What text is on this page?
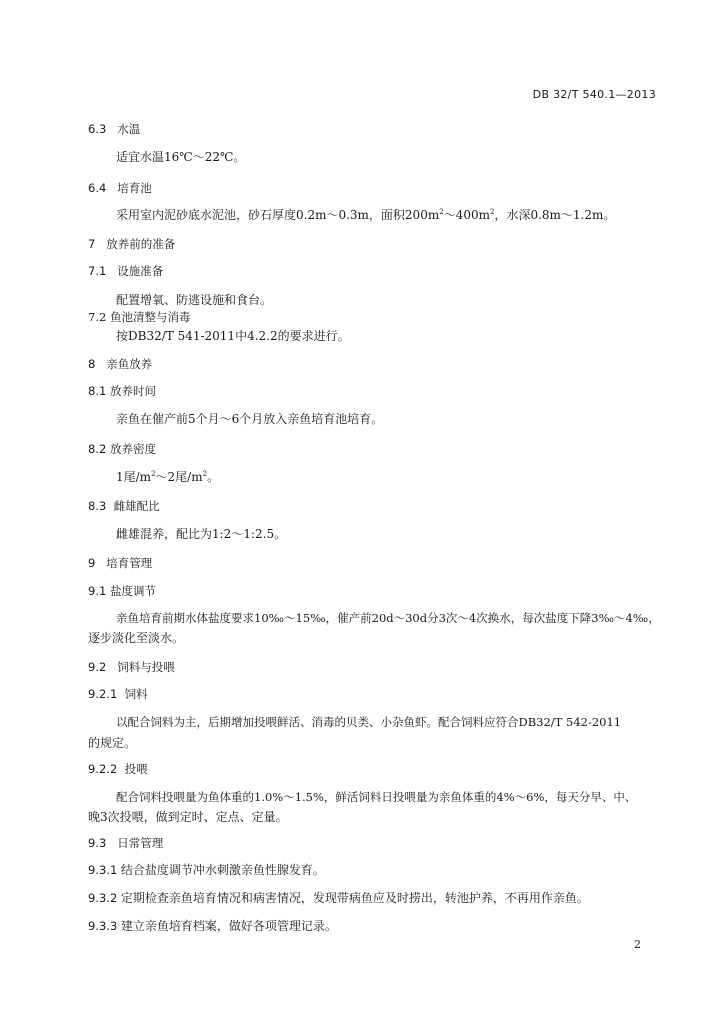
DB 32/T 540.1—2013
6.3 水温
适宜水温16℃～22℃。
6.4 培育池
采用室内泥砂底水泥池，砂石厚度0.2m～0.3m，面积$200m^2\sim 400m^2$，水深0.8m～1.2m。
7 放养前的准备
7.1 设施准备
配置增氧、防逃设施和食台。
7.2 鱼池清整与消毒
按DB32/T 541-2011中4.2.2的要求进行。
8 亲鱼放养
8.1 放养时间
亲鱼在催产前5个月～6个月放入亲鱼培育池培育。
8.2 放养密度
1尾$/m^2\sim 2$尾$/m^2$。
8.3 雌雄配比
雌雄混养，配比为1:2～1:2.5。
9 培育管理
9.1 盐度调节
亲鱼培育前期水体盐度要求10‰～15‰，催产前20d～30d分3次～4次换水，每次盐度下降3‰～4‰，
逐步淡化至淡水。
9.2 饲料与投喂
9.2.1 饲料
以配合饲料为主，后期增加投喂鲜活、消毒的贝类、小杂鱼虾。配合饲料应符合DB32/T 542-2011
的规定。
9.2.2 投喂
配合饲料投喂量为鱼体重的1.0%～1.5%，鲜活饲料日投喂量为亲鱼体重的4%～6%，每天分早、中、
晚3次投喂，做到定时、定点、定量。
9.3 日常管理
9.3.1 结合盐度调节冲水刺激亲鱼性腺发育。
9.3.2 定期检查亲鱼培育情况和病害情况，发现带病鱼应及时捞出，转池护养，不再用作亲鱼。
9.3.3 建立亲鱼培育档案，做好各项管理记录。
2
